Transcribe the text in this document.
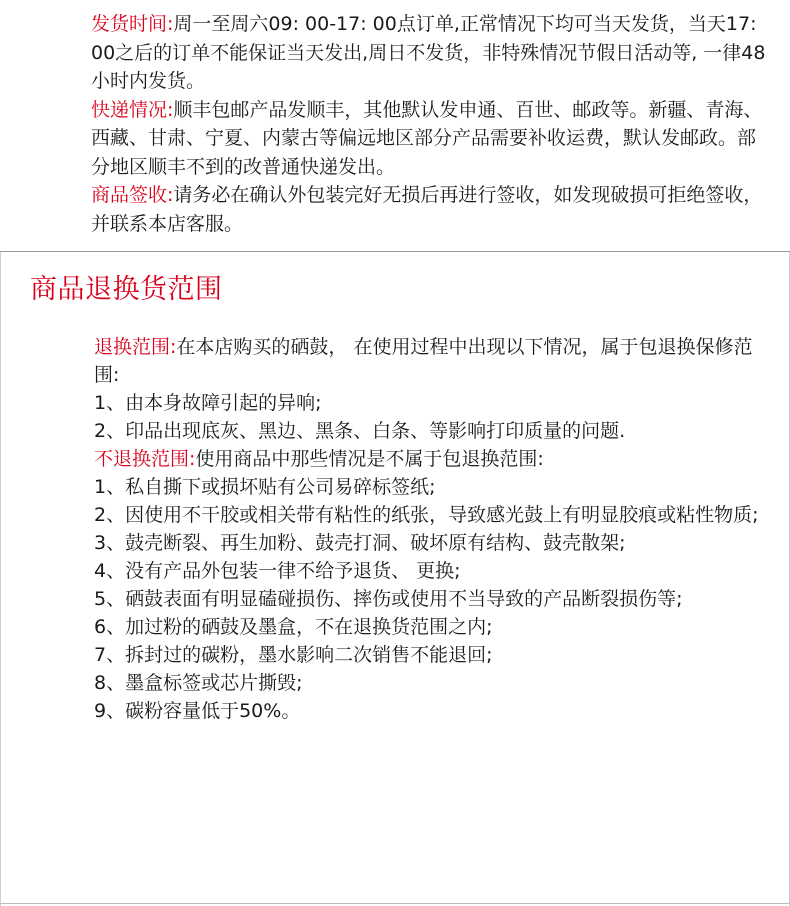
发货时间:周一至周六09: 00-17: 00点订单,正常情况下均可当天发货，当天17: 00之后的订单不能保证当天发出,周日不发货，非特殊情况节假日活动等, 一律48小时内发货。

快递情况:顺丰包邮产品发顺丰，其他默认发申通、百世、邮政等。新疆、青海、西藏、甘肃、宁夏、内蒙古等偏远地区部分产品需要补收运费，默认发邮政。部分地区顺丰不到的改普通快递发出。

商品签收:请务必在确认外包装完好无损后再进行签收，如发现破损可拒绝签收，并联系本店客服。

商品退换货范围

退换范围:在本店购买的硒鼓， 在使用过程中出现以下情况，属于包退换保修范围:

1、由本身故障引起的异响;

2、印品出现底灰、黑边、黑条、白条、等影响打印质量的问题.

不退换范围:使用商品中那些情况是不属于包退换范围:

1、私自撕下或损坏贴有公司易碎标签纸;

2、因使用不干胶或相关带有粘性的纸张，导致感光鼓上有明显胶痕或粘性物质;

3、鼓壳断裂、再生加粉、鼓壳打洞、破坏原有结构、鼓壳散架;

4、没有产品外包装一律不给予退货、 更换;

5、硒鼓表面有明显磕碰损伤、摔伤或使用不当导致的产品断裂损伤等;

6、加过粉的硒鼓及墨盒，不在退换货范围之内;

7、拆封过的碳粉，墨水影响二次销售不能退回;

8、墨盒标签或芯片撕毁;

9、碳粉容量低于50%。
